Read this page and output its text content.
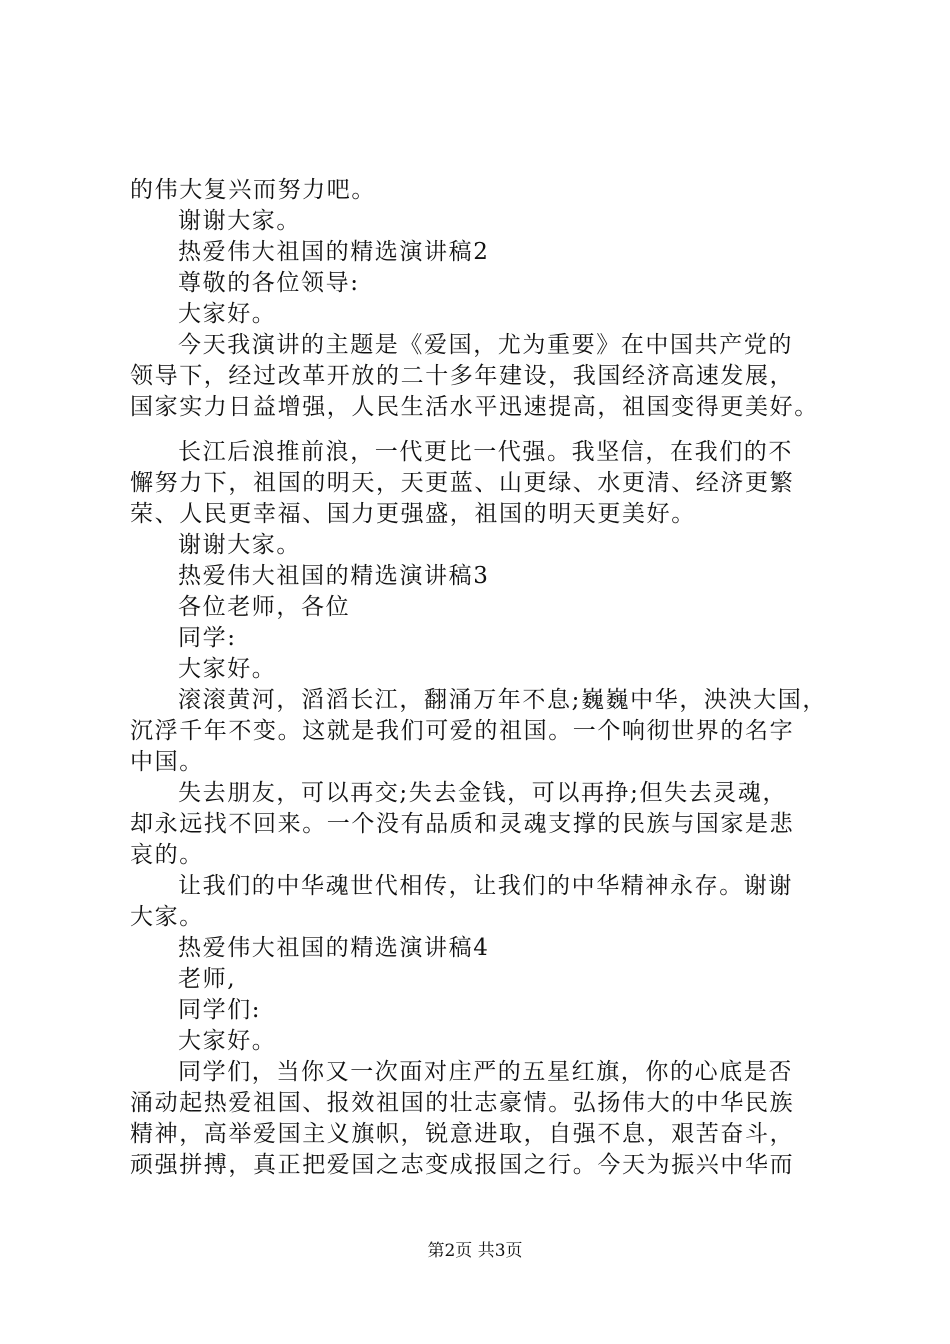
的伟大复兴而努力吧。
谢谢大家。
热爱伟大祖国的精选演讲稿2
尊敬的各位领导:
大家好。
今天我演讲的主题是《爱国，尤为重要》在中国共产党的
领导下，经过改革开放的二十多年建设，我国经济高速发展，
国家实力日益增强，人民生活水平迅速提高，祖国变得更美好。
长江后浪推前浪，一代更比一代强。我坚信，在我们的不
懈努力下，祖国的明天，天更蓝、山更绿、水更清、经济更繁
荣、人民更幸福、国力更强盛，祖国的明天更美好。
谢谢大家。
热爱伟大祖国的精选演讲稿3
各位老师，各位
同学:
大家好。
滚滚黄河，滔滔长江，翻涌万年不息;巍巍中华，泱泱大国，
沉浮千年不变。这就是我们可爱的祖国。一个响彻世界的名字
中国。
失去朋友，可以再交;失去金钱，可以再挣;但失去灵魂，
却永远找不回来。一个没有品质和灵魂支撑的民族与国家是悲
哀的。
让我们的中华魂世代相传，让我们的中华精神永存。谢谢
大家。
热爱伟大祖国的精选演讲稿4
老师,
同学们:
大家好。
同学们，当你又一次面对庄严的五星红旗，你的心底是否
涌动起热爱祖国、报效祖国的壮志豪情。弘扬伟大的中华民族
精神，高举爱国主义旗帜，锐意进取，自强不息，艰苦奋斗，
顽强拼搏，真正把爱国之志变成报国之行。今天为振兴中华而
第2页 共3页
